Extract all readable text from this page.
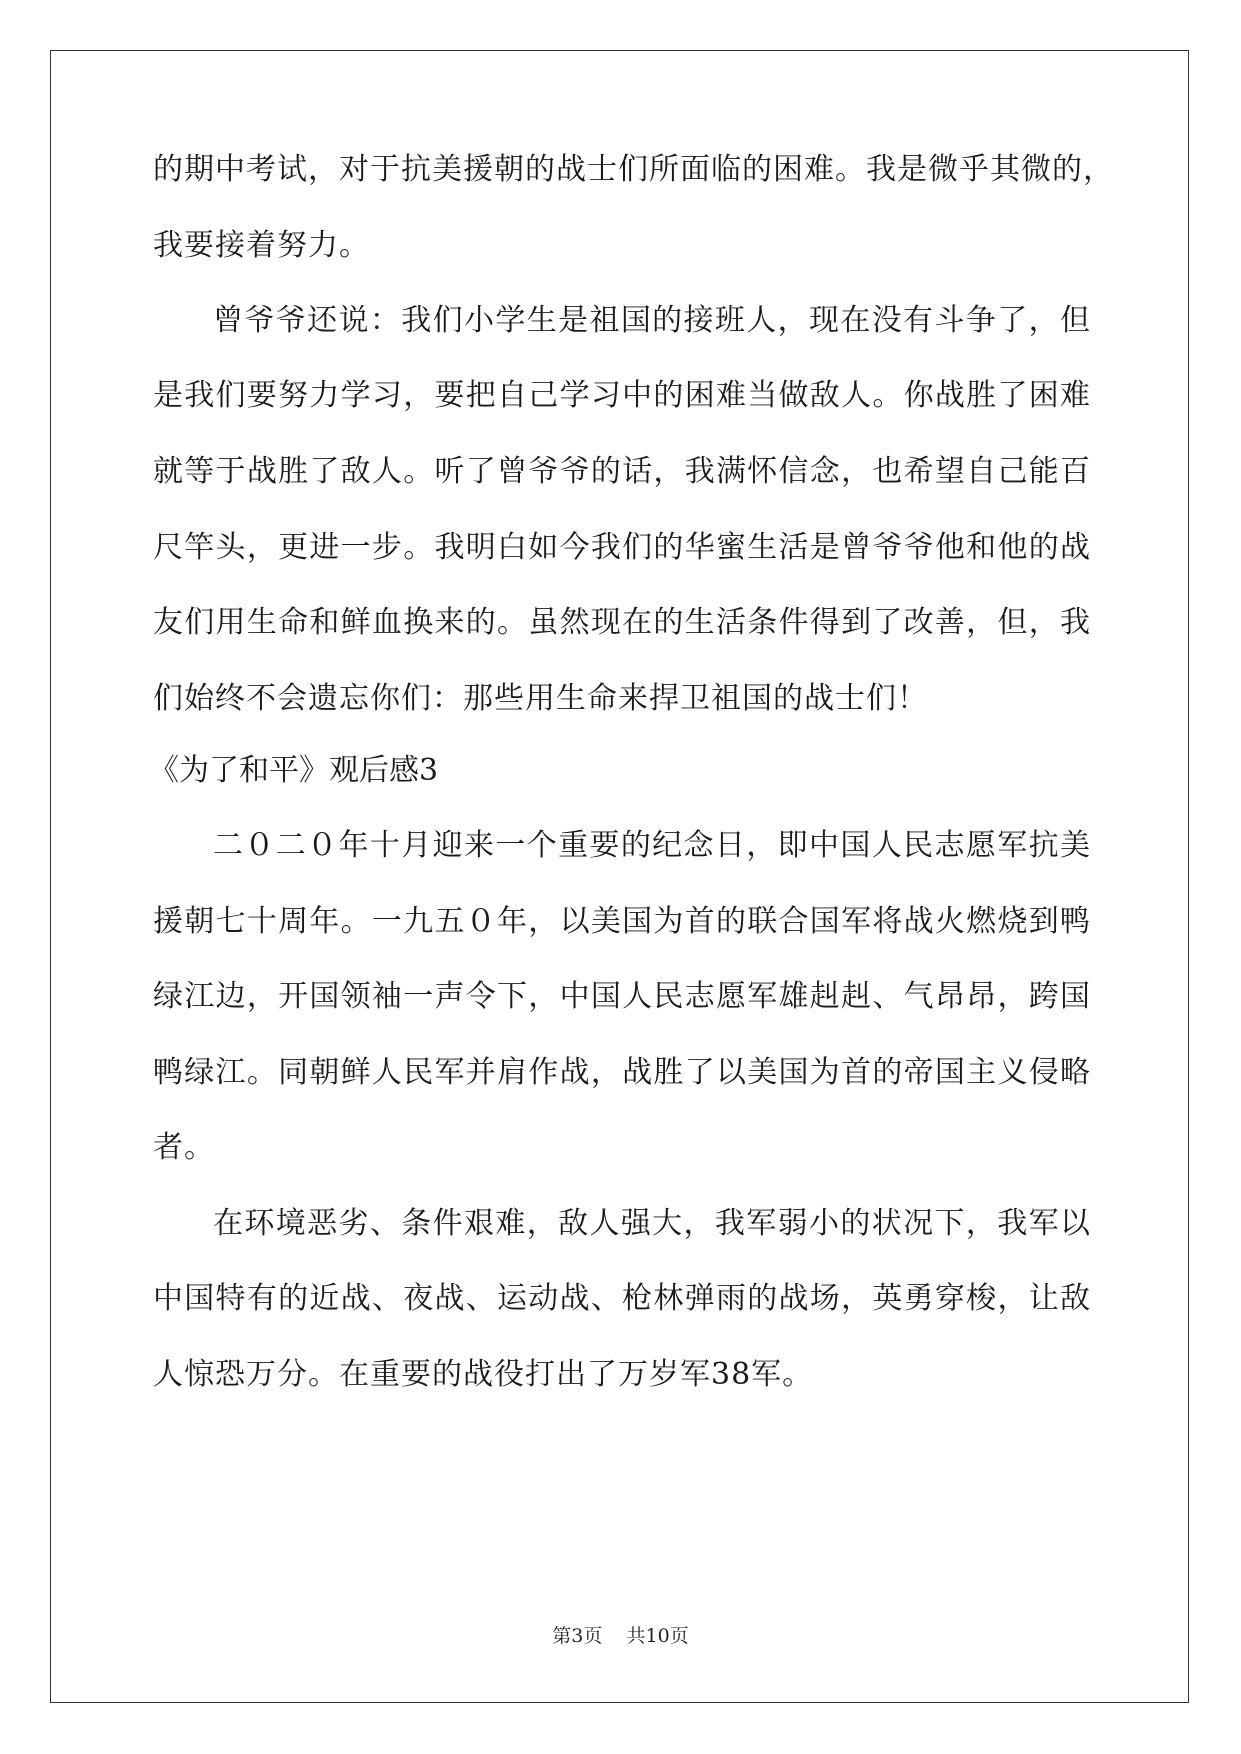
的期中考试，对于抗美援朝的战士们所面临的困难。我是微乎其微的，
我要接着努力。
曾爷爷还说：我们小学生是祖国的接班人，现在没有斗争了，但
是我们要努力学习，要把自己学习中的困难当做敌人。你战胜了困难
就等于战胜了敌人。听了曾爷爷的话，我满怀信念，也希望自己能百
尺竿头，更进一步。我明白如今我们的华蜜生活是曾爷爷他和他的战
友们用生命和鲜血换来的。虽然现在的生活条件得到了改善，但，我
们始终不会遗忘你们：那些用生命来捍卫祖国的战士们！
《为了和平》观后感3
二０二０年十月迎来一个重要的纪念日，即中国人民志愿军抗美
援朝七十周年。一九五０年，以美国为首的联合国军将战火燃烧到鸭
绿江边，开国领袖一声令下，中国人民志愿军雄赳赳、气昂昂，跨国
鸭绿江。同朝鲜人民军并肩作战，战胜了以美国为首的帝国主义侵略
者。
在环境恶劣、条件艰难，敌人强大，我军弱小的状况下，我军以
中国特有的近战、夜战、运动战、枪林弹雨的战场，英勇穿梭，让敌
人惊恐万分。在重要的战役打出了万岁军38军。
第3页 共10页
